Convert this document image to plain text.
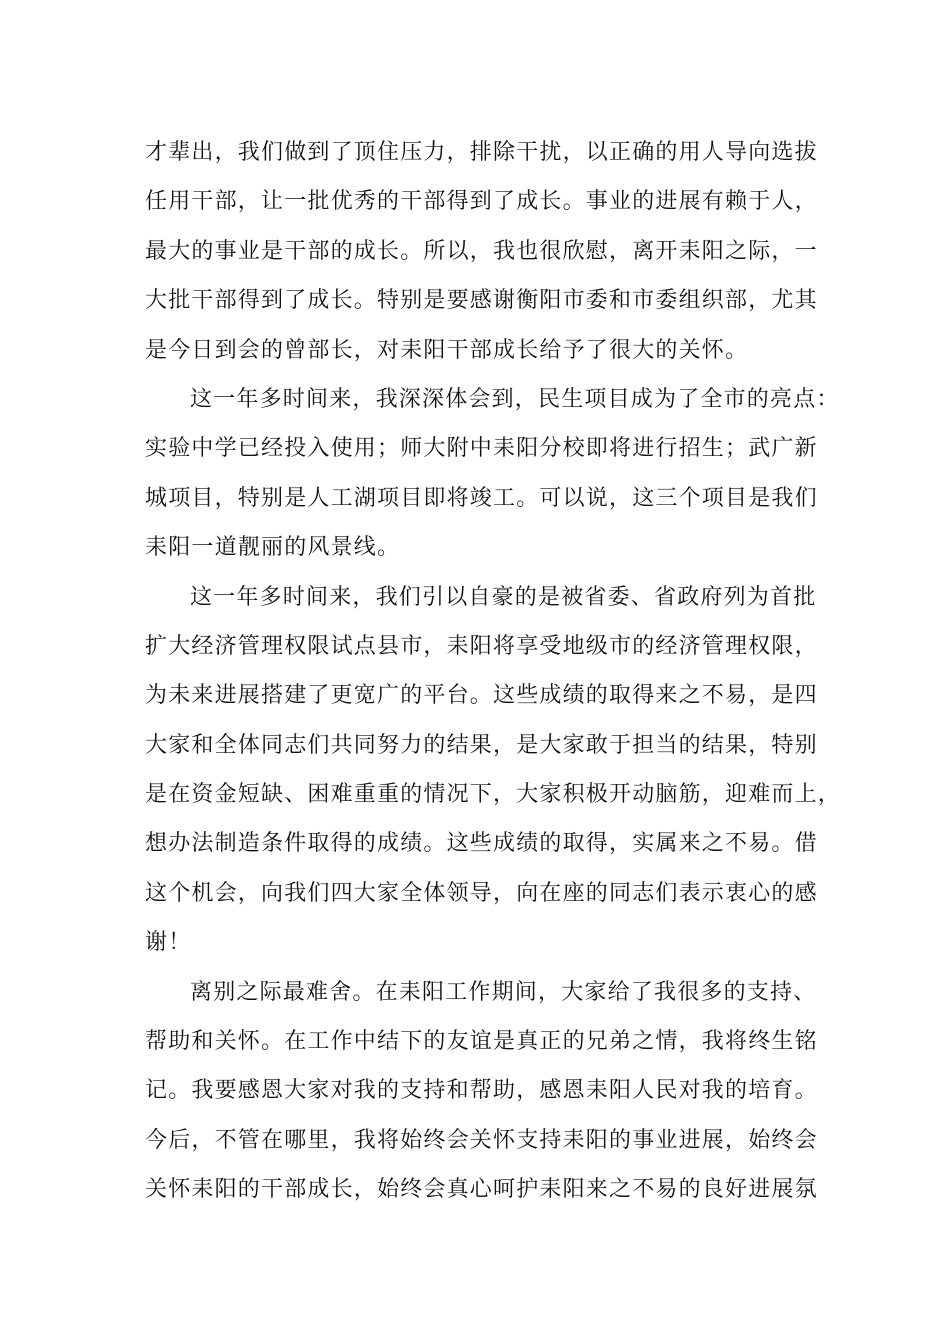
才辈出，我们做到了顶住压力，排除干扰，以正确的用人导向选拔
任用干部，让一批优秀的干部得到了成长。事业的进展有赖于人，
最大的事业是干部的成长。所以，我也很欣慰，离开耒阳之际，一
大批干部得到了成长。特别是要感谢衡阳市委和市委组织部，尤其
是今日到会的曾部长，对耒阳干部成长给予了很大的关怀。
这一年多时间来，我深深体会到，民生项目成为了全市的亮点：
实验中学已经投入使用；师大附中耒阳分校即将进行招生；武广新
城项目，特别是人工湖项目即将竣工。可以说，这三个项目是我们
耒阳一道靓丽的风景线。
这一年多时间来，我们引以自豪的是被省委、省政府列为首批
扩大经济管理权限试点县市，耒阳将享受地级市的经济管理权限，
为未来进展搭建了更宽广的平台。这些成绩的取得来之不易，是四
大家和全体同志们共同努力的结果，是大家敢于担当的结果，特别
是在资金短缺、困难重重的情况下，大家积极开动脑筋，迎难而上，
想办法制造条件取得的成绩。这些成绩的取得，实属来之不易。借
这个机会，向我们四大家全体领导，向在座的同志们表示衷心的感
谢！
离别之际最难舍。在耒阳工作期间，大家给了我很多的支持、
帮助和关怀。在工作中结下的友谊是真正的兄弟之情，我将终生铭
记。我要感恩大家对我的支持和帮助，感恩耒阳人民对我的培育。
今后，不管在哪里，我将始终会关怀支持耒阳的事业进展，始终会
关怀耒阳的干部成长，始终会真心呵护耒阳来之不易的良好进展氛
